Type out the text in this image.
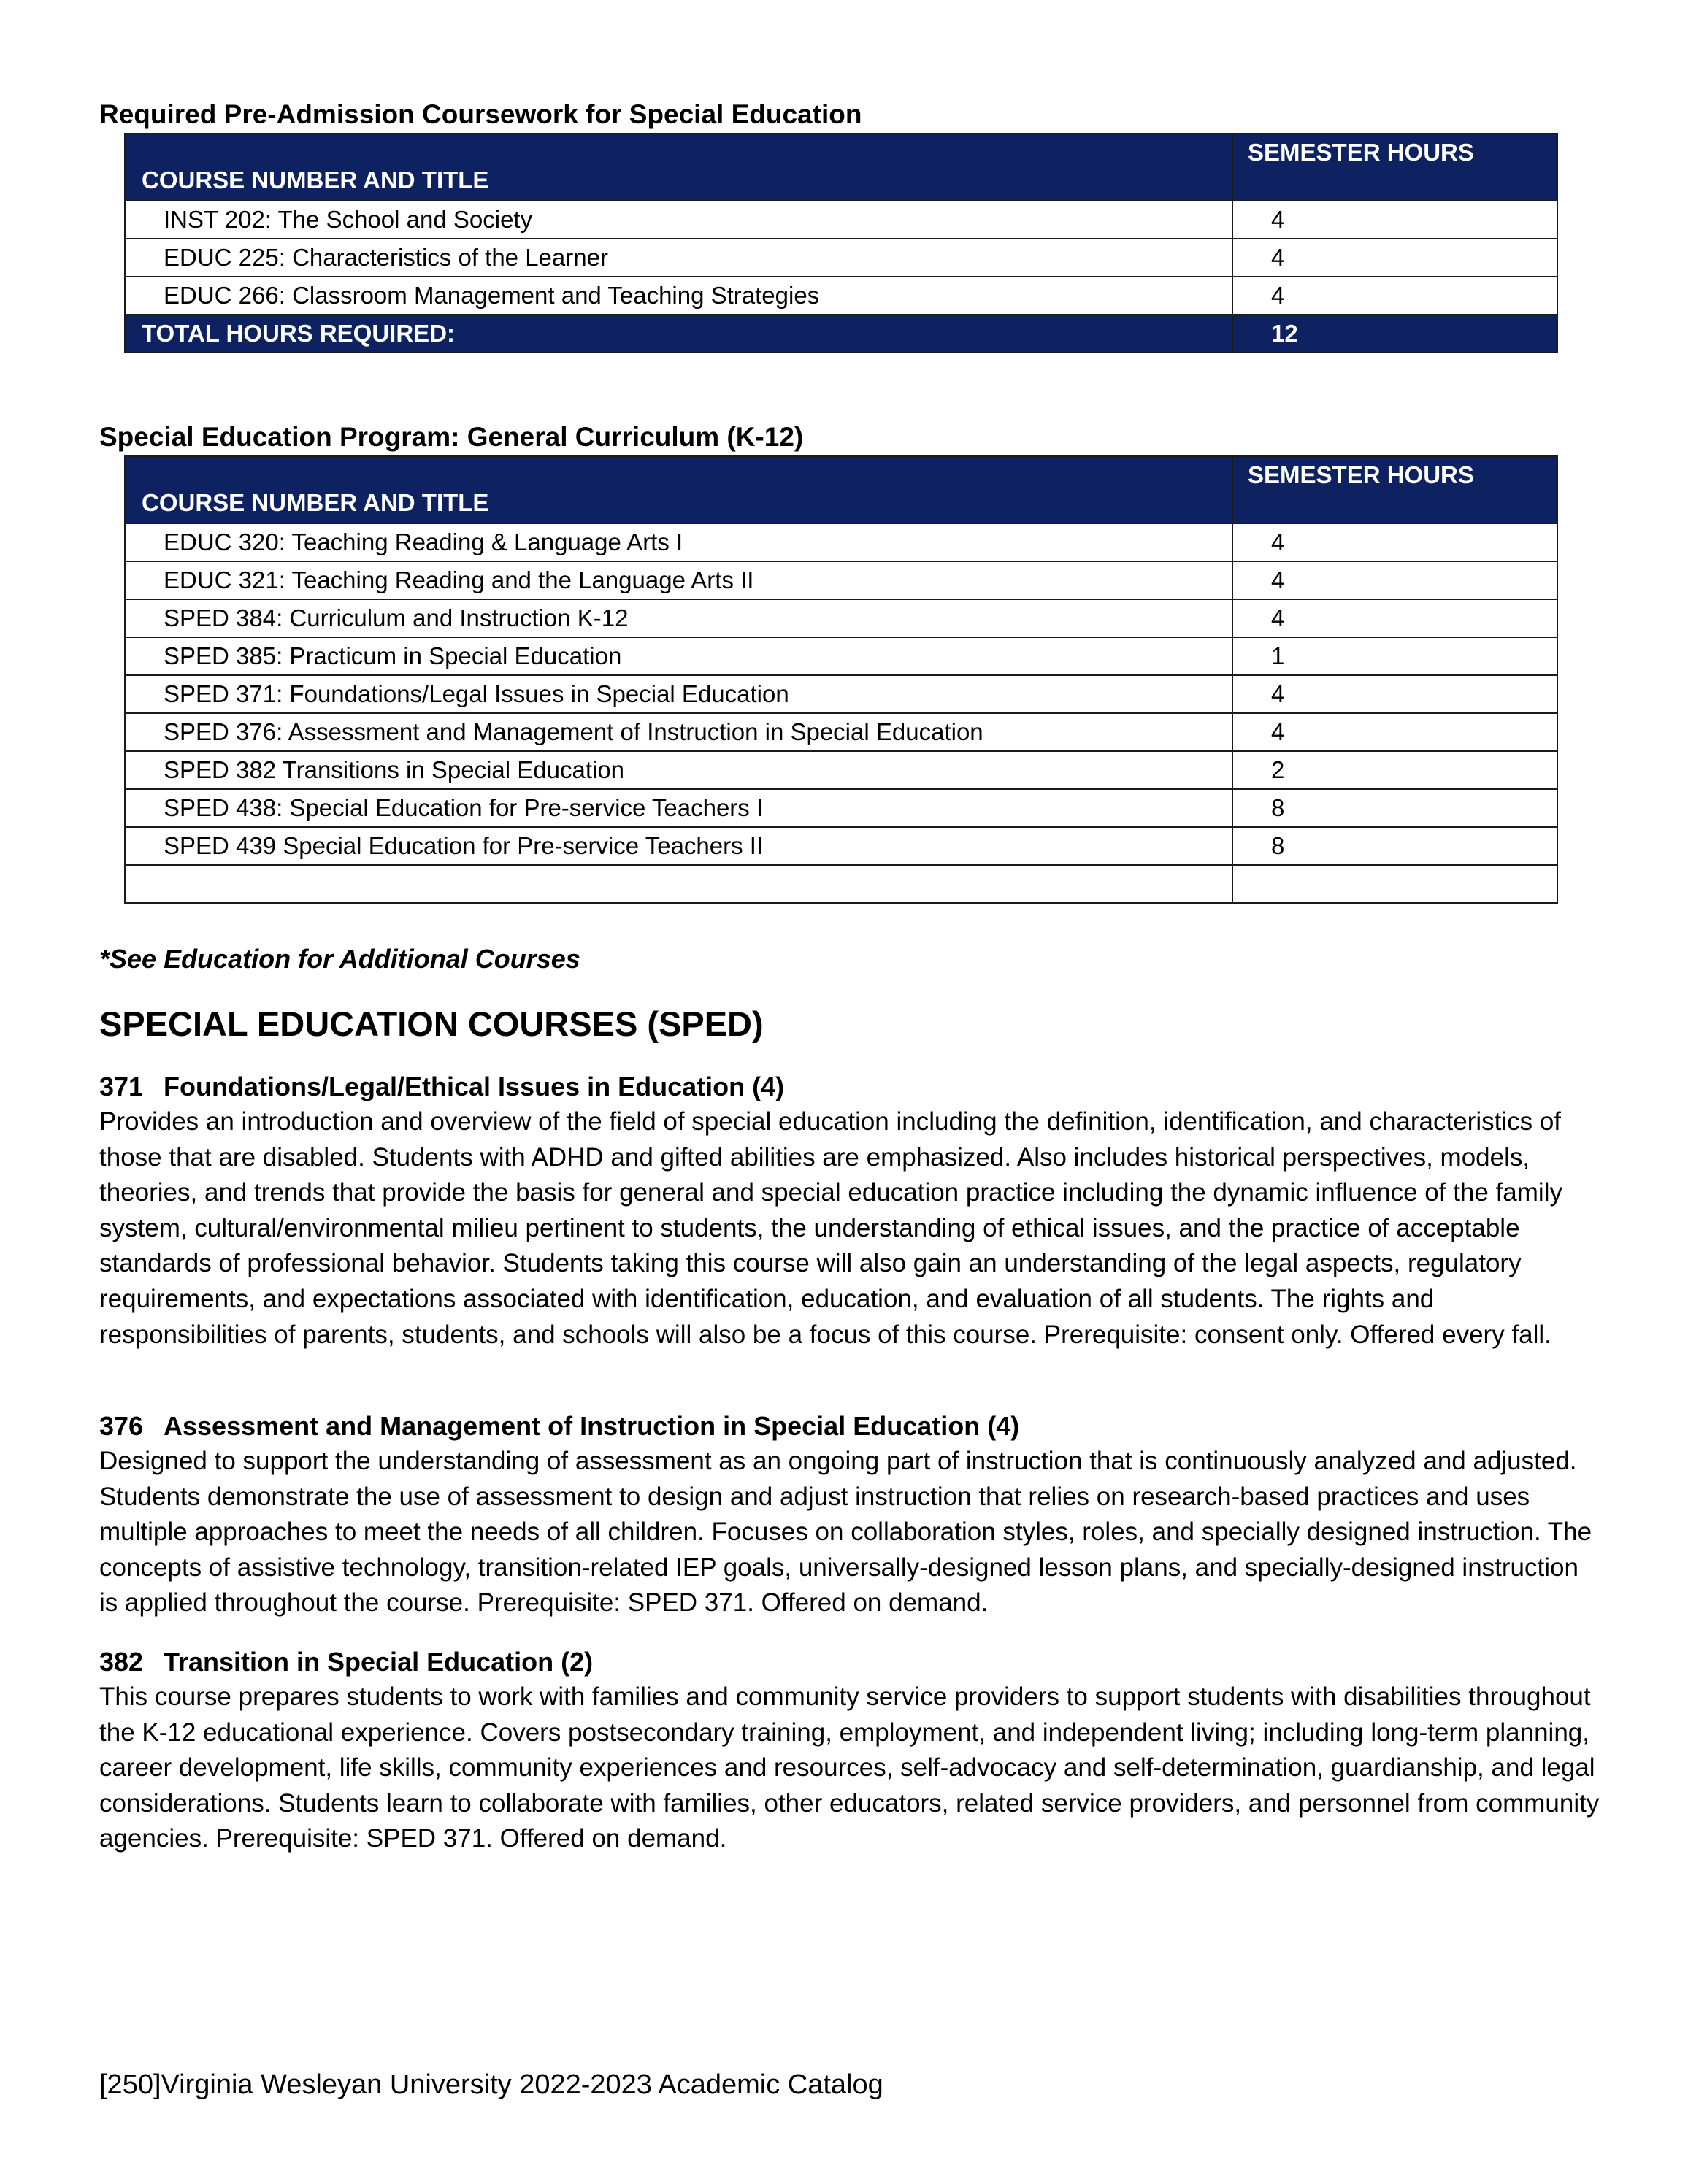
Required Pre-Admission Coursework for Special Education
COURSE NUMBER AND TITLE	SEMESTER HOURS
INST 202: The School and Society	4
EDUC 225: Characteristics of the Learner	4
EDUC 266: Classroom Management and Teaching Strategies	4
TOTAL HOURS REQUIRED:	12
Special Education Program: General Curriculum (K-12)
COURSE NUMBER AND TITLE	SEMESTER HOURS
EDUC 320: Teaching Reading & Language Arts I	4
EDUC 321: Teaching Reading and the Language Arts II	4
SPED 384: Curriculum and Instruction K-12	4
SPED 385: Practicum in Special Education	1
SPED 371: Foundations/Legal Issues in Special Education	4
SPED 376: Assessment and Management of Instruction in Special Education	4
SPED 382 Transitions in Special Education	2
SPED 438: Special Education for Pre-service Teachers I	8
SPED 439 Special Education for Pre-service Teachers II	8

*See Education for Additional Courses

SPECIAL EDUCATION COURSES (SPED)
371 Foundations/Legal/Ethical Issues in Education (4)

Provides an introduction and overview of the field of special education including the definition, identification, and characteristics of those that are disabled. Students with ADHD and gifted abilities are emphasized. Also includes historical perspectives, models, theories, and trends that provide the basis for general and special education practice including the dynamic influence of the family system, cultural/environmental milieu pertinent to students, the understanding of ethical issues, and the practice of acceptable standards of professional behavior. Students taking this course will also gain an understanding of the legal aspects, regulatory requirements, and expectations associated with identification, education, and evaluation of all students. The rights and responsibilities of parents, students, and schools will also be a focus of this course. Prerequisite: consent only. Offered every fall.

376 Assessment and Management of Instruction in Special Education (4)

Designed to support the understanding of assessment as an ongoing part of instruction that is continuously analyzed and adjusted. Students demonstrate the use of assessment to design and adjust instruction that relies on research-based practices and uses multiple approaches to meet the needs of all children. Focuses on collaboration styles, roles, and specially designed instruction. The concepts of assistive technology, transition-related IEP goals, universally-designed lesson plans, and specially-designed instruction is applied throughout the course. Prerequisite: SPED 371. Offered on demand.

382 Transition in Special Education (2)

This course prepares students to work with families and community service providers to support students with disabilities throughout the K-12 educational experience. Covers postsecondary training, employment, and independent living; including long-term planning, career development, life skills, community experiences and resources, self-advocacy and self-determination, guardianship, and legal considerations. Students learn to collaborate with families, other educators, related service providers, and personnel from community agencies. Prerequisite: SPED 371. Offered on demand.

[250]Virginia Wesleyan University 2022-2023 Academic Catalog
